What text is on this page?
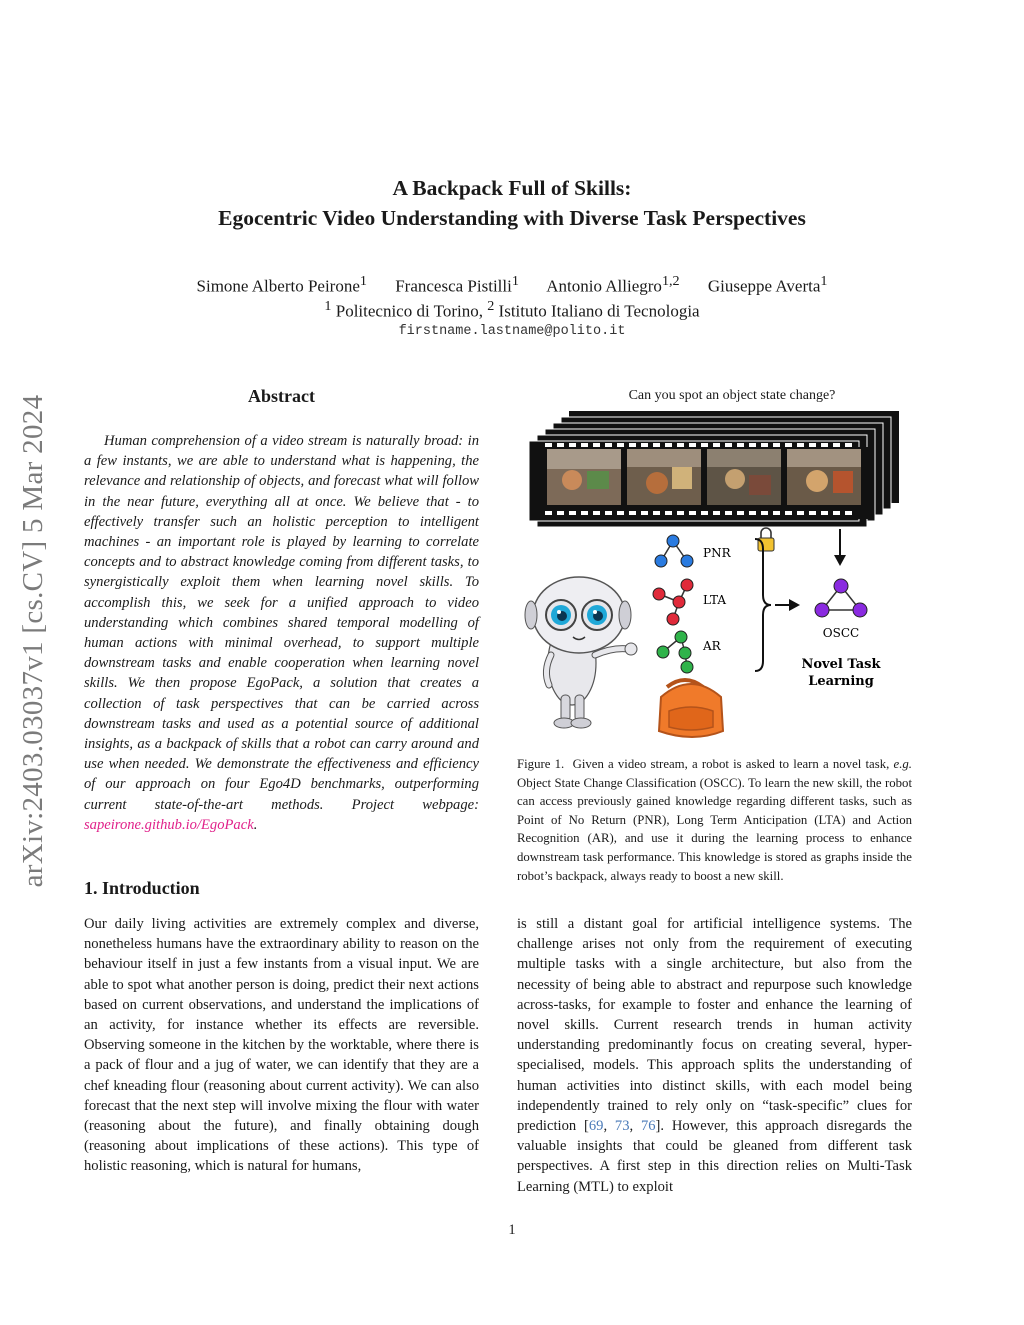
arXiv:2403.03037v1 [cs.CV] 5 Mar 2024
A Backpack Full of Skills:
Egocentric Video Understanding with Diverse Task Perspectives
Simone Alberto Peirone$^1$ Francesca Pistilli$^1$ Antonio Alliegro$^{1,2}$ Giuseppe Averta$^1$
$^1$ Politecnico di Torino, $^2$ Istituto Italiano di Tecnologia
firstname.lastname@polito.it
Abstract
Human comprehension of a video stream is naturally broad: in a few instants, we are able to understand what is happening, the relevance and relationship of objects, and forecast what will follow in the near future, everything all at once. We believe that - to effectively transfer such an holistic perception to intelligent machines - an important role is played by learning to correlate concepts and to abstract knowledge coming from different tasks, to synergistically exploit them when learning novel skills. To accomplish this, we seek for a unified approach to video understanding which combines shared temporal modelling of human actions with minimal overhead, to support multiple downstream tasks and enable cooperation when learning novel skills. We then propose EgoPack, a solution that creates a collection of task perspectives that can be carried across downstream tasks and used as a potential source of additional insights, as a backpack of skills that a robot can carry around and use when needed. We demonstrate the effectiveness and efficiency of our approach on four Ego4D benchmarks, outperforming current state-of-the-art methods. Project webpage: sapeirone.github.io/EgoPack.
Can you spot an object state change?
PNR
LTA
AR
OSCC
Novel Task
Learning
Figure 1. Given a video stream, a robot is asked to learn a novel task, e.g. Object State Change Classification (OSCC). To learn the new skill, the robot can access previously gained knowledge regarding different tasks, such as Point of No Return (PNR), Long Term Anticipation (LTA) and Action Recognition (AR), and use it during the learning process to enhance downstream task performance. This knowledge is stored as graphs inside the robot’s backpack, always ready to boost a new skill.
1. Introduction
Our daily living activities are extremely complex and diverse, nonetheless humans have the extraordinary ability to reason on the behaviour itself in just a few instants from a visual input. We are able to spot what another person is doing, predict their next actions based on current observations, and understand the implications of an activity, for instance whether its effects are reversible. Observing someone in the kitchen by the worktable, where there is a pack of flour and a jug of water, we can identify that they are a chef kneading flour (reasoning about current activity). We can also forecast that the next step will involve mixing the flour with water (reasoning about the future), and finally obtaining dough (reasoning about implications of these actions). This type of holistic reasoning, which is natural for humans,
is still a distant goal for artificial intelligence systems. The challenge arises not only from the requirement of executing multiple tasks with a single architecture, but also from the necessity of being able to abstract and repurpose such knowledge across-tasks, for example to foster and enhance the learning of novel skills. Current research trends in human activity understanding predominantly focus on creating several, hyper-specialised, models. This approach splits the understanding of human activities into distinct skills, with each model being independently trained to rely only on “task-specific” clues for prediction [69, 73, 76]. However, this approach disregards the valuable insights that could be gleaned from different task perspectives. A first step in this direction relies on Multi-Task Learning (MTL) to exploit
1
